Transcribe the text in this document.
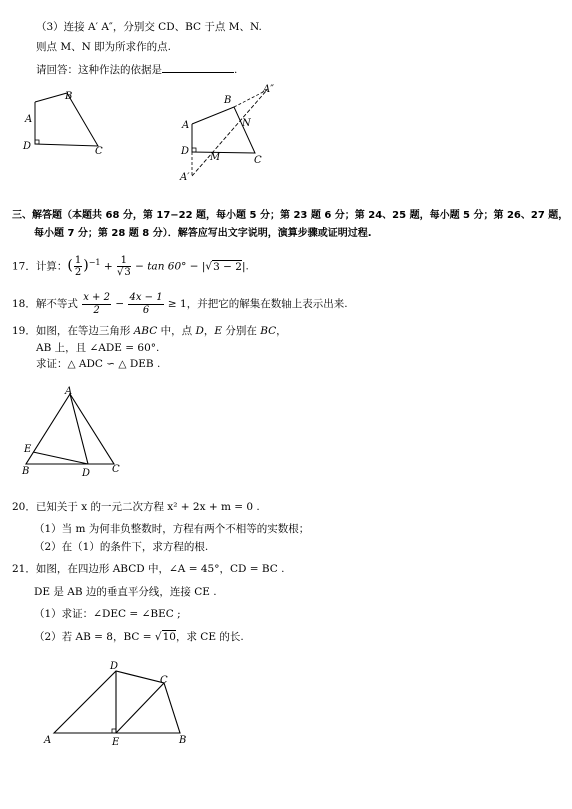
（3）连接 A′ A″，分别交 CD、BC 于点 M、N.
则点 M、N 即为所求作的点.
请回答：这种作法的依据是	.
A
B
C
D
A
B
C
D
A′
A″
M
N
三、解答题（本题共 68 分，第 17−22 题，每小题 5 分；第 23 题 6 分；第 24、25 题，每小题 5 分；第 26、27 题，
每小题 7 分；第 28 题 8 分）．解答应写出文字说明，演算步骤或证明过程.
17．计算：( $\frac{1}{2} )^{-1} + \frac{1}{√3} - \tan 60^\circ - |√3 - 2|$.
18．解不等式 $\frac{x + 2}{2} - \frac{4x - 1}{6} \ge 1$，并把它的解集在数轴上表示出来.
19．如图，在等边三角形 ABC 中，点 D，E 分别在 BC，
AB 上，且 ∠ADE = 60°.
求证：△ ADC ∽ △ DEB .
A
B	C
D
E
20．已知关于 x 的一元二次方程 x² + 2x + m = 0 .
（1）当 m 为何非负整数时，方程有两个不相等的实数根；
（2）在（1）的条件下，求方程的根.
21．如图，在四边形 ABCD 中，∠A = 45°，CD = BC .
DE 是 AB 边的垂直平分线，连接 CE .
（1）求证：∠DEC = ∠BEC ;
（2）若 AB = 8，BC = √10，求 CE 的长.
A	B
C
D
E
